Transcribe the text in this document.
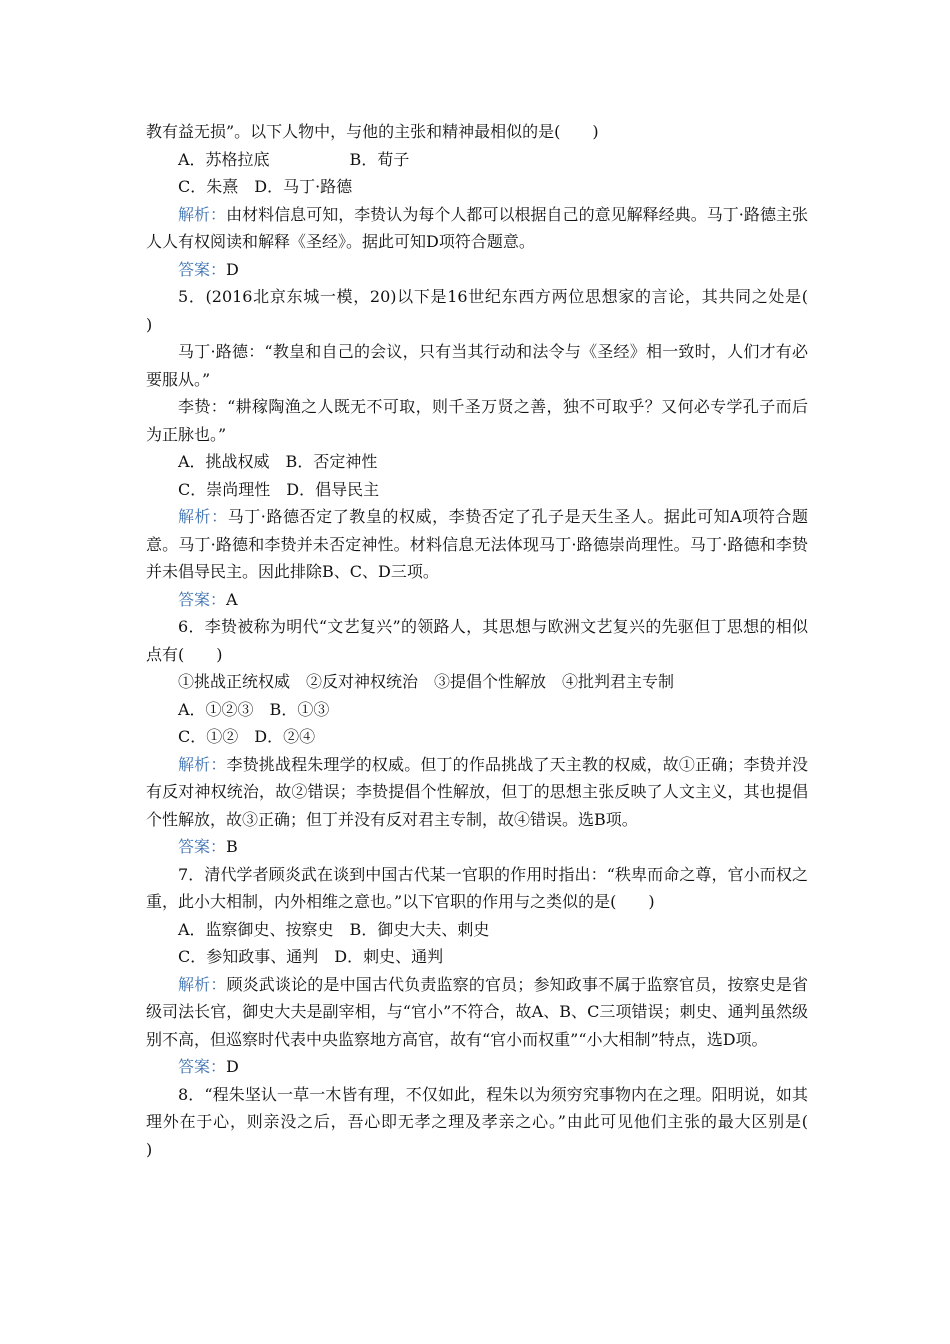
教有益无损”。以下人物中，与他的主张和精神最相似的是(　　)

A．苏格拉底　　　　　B．荀子

C．朱熹　D．马丁·路德

解析：由材料信息可知，李贽认为每个人都可以根据自己的意见解释经典。马丁·路德主张人人有权阅读和解释《圣经》。据此可知D项符合题意。

答案：D

5．(2016北京东城一模，20)以下是16世纪东西方两位思想家的言论，其共同之处是(　　)

马丁·路德：“教皇和自己的会议，只有当其行动和法令与《圣经》相一致时，人们才有必要服从。”

李贽：“耕稼陶渔之人既无不可取，则千圣万贤之善，独不可取乎？又何必专学孔子而后为正脉也。”

A．挑战权威　B．否定神性

C．崇尚理性　D．倡导民主

解析：马丁·路德否定了教皇的权威，李贽否定了孔子是天生圣人。据此可知A项符合题意。马丁·路德和李贽并未否定神性。材料信息无法体现马丁·路德崇尚理性。马丁·路德和李贽并未倡导民主。因此排除B、C、D三项。

答案：A

6．李贽被称为明代“文艺复兴”的领路人，其思想与欧洲文艺复兴的先驱但丁思想的相似点有(　　)

①挑战正统权威　②反对神权统治　③提倡个性解放　④批判君主专制

A．①②③　B．①③

C．①②　D．②④

解析：李贽挑战程朱理学的权威。但丁的作品挑战了天主教的权威，故①正确；李贽并没有反对神权统治，故②错误；李贽提倡个性解放，但丁的思想主张反映了人文主义，其也提倡个性解放，故③正确；但丁并没有反对君主专制，故④错误。选B项。

答案：B

7．清代学者顾炎武在谈到中国古代某一官职的作用时指出：“秩卑而命之尊，官小而权之重，此小大相制，内外相维之意也。”以下官职的作用与之类似的是(　　)

A．监察御史、按察史　B．御史大夫、刺史

C．参知政事、通判　D．刺史、通判

解析：顾炎武谈论的是中国古代负责监察的官员；参知政事不属于监察官员，按察史是省级司法长官，御史大夫是副宰相，与“官小”不符合，故A、B、C三项错误；刺史、通判虽然级别不高，但巡察时代表中央监察地方高官，故有“官小而权重”“小大相制”特点，选D项。

答案：D

8．“程朱坚认一草一木皆有理，不仅如此，程朱以为须穷究事物内在之理。阳明说，如其理外在于心，则亲没之后，吾心即无孝之理及孝亲之心。”由此可见他们主张的最大区别是(　　)
